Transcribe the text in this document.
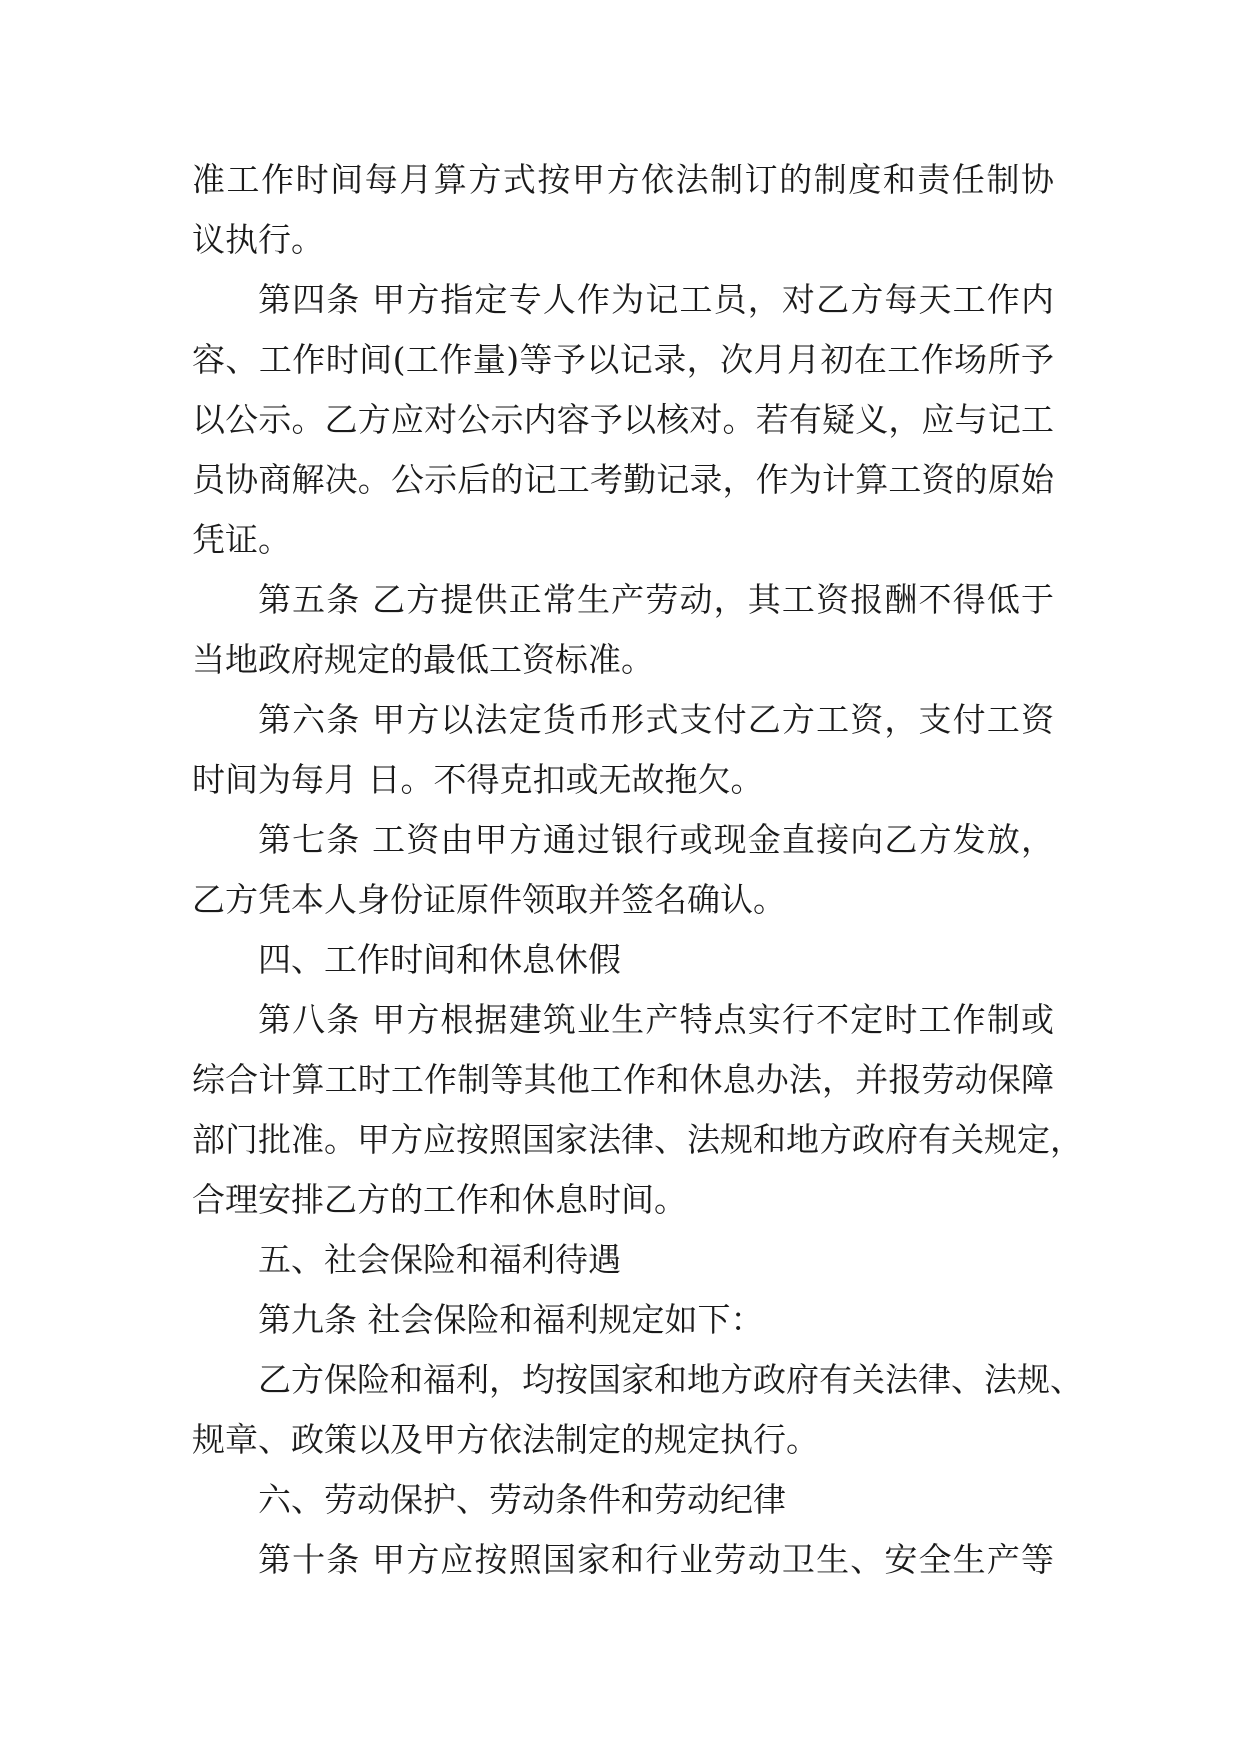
准工作时间每月算方式按甲方依法制订的制度和责任制协
议执行。
第四条 甲方指定专人作为记工员，对乙方每天工作内
容、工作时间(工作量)等予以记录，次月月初在工作场所予
以公示。乙方应对公示内容予以核对。若有疑义，应与记工
员协商解决。公示后的记工考勤记录，作为计算工资的原始
凭证。
第五条 乙方提供正常生产劳动，其工资报酬不得低于
当地政府规定的最低工资标准。
第六条 甲方以法定货币形式支付乙方工资，支付工资
时间为每月 日。不得克扣或无故拖欠。
第七条 工资由甲方通过银行或现金直接向乙方发放，
乙方凭本人身份证原件领取并签名确认。
四、工作时间和休息休假
第八条 甲方根据建筑业生产特点实行不定时工作制或
综合计算工时工作制等其他工作和休息办法，并报劳动保障
部门批准。甲方应按照国家法律、法规和地方政府有关规定，
合理安排乙方的工作和休息时间。
五、社会保险和福利待遇
第九条 社会保险和福利规定如下：
乙方保险和福利，均按国家和地方政府有关法律、法规、
规章、政策以及甲方依法制定的规定执行。
六、劳动保护、劳动条件和劳动纪律
第十条 甲方应按照国家和行业劳动卫生、安全生产等
